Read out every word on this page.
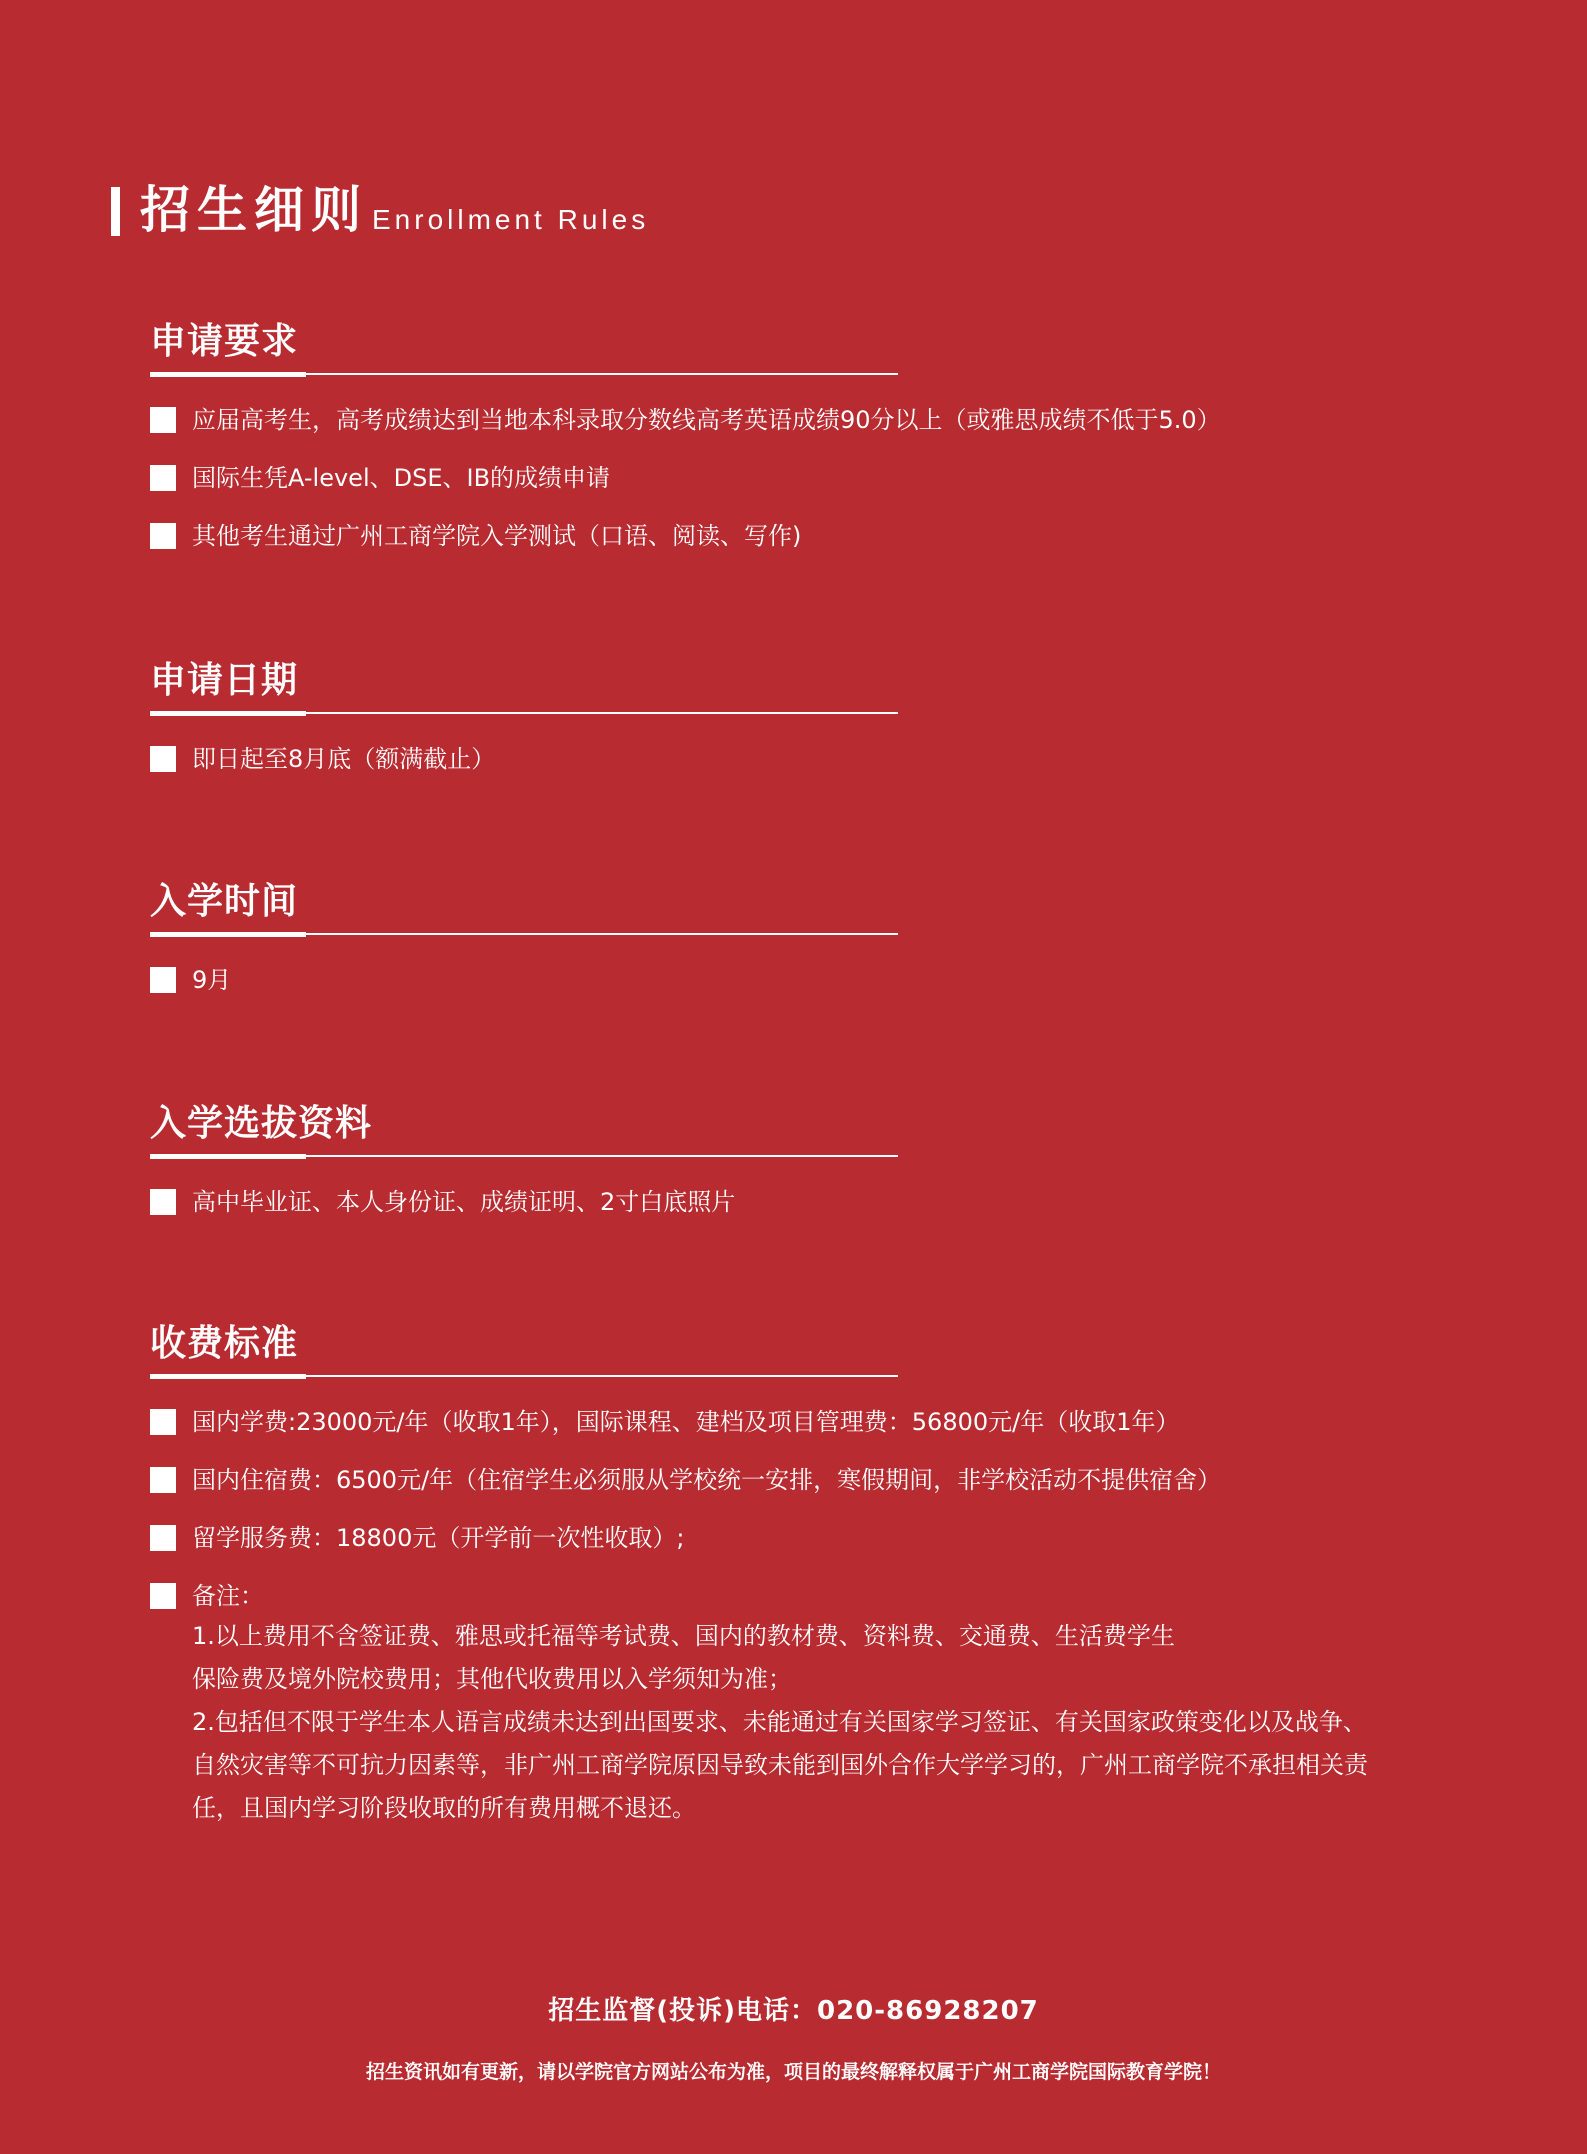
招生细则 Enrollment Rules
申请要求
应届高考生，高考成绩达到当地本科录取分数线高考英语成绩90分以上（或雅思成绩不低于5.0）
国际生凭A-level、DSE、IB的成绩申请
其他考生通过广州工商学院入学测试（口语、阅读、写作)
申请日期
即日起至8月底（额满截止）
入学时间
9月
入学选拔资料
高中毕业证、本人身份证、成绩证明、2寸白底照片
收费标准
国内学费:23000元/年（收取1年），国际课程、建档及项目管理费：56800元/年（收取1年）
国内住宿费：6500元/年（住宿学生必须服从学校统一安排，寒假期间，非学校活动不提供宿舍）
留学服务费：18800元（开学前一次性收取）;
备注：
1.以上费用不含签证费、雅思或托福等考试费、国内的教材费、资料费、交通费、生活费学生
保险费及境外院校费用；其他代收费用以入学须知为准；
2.包括但不限于学生本人语言成绩未达到出国要求、未能通过有关国家学习签证、有关国家政策变化以及战争、
自然灾害等不可抗力因素等，非广州工商学院原因导致未能到国外合作大学学习的，广州工商学院不承担相关责
任，且国内学习阶段收取的所有费用概不退还。
招生监督(投诉)电话：020-86928207
招生资讯如有更新，请以学院官方网站公布为准，项目的最终解释权属于广州工商学院国际教育学院！
